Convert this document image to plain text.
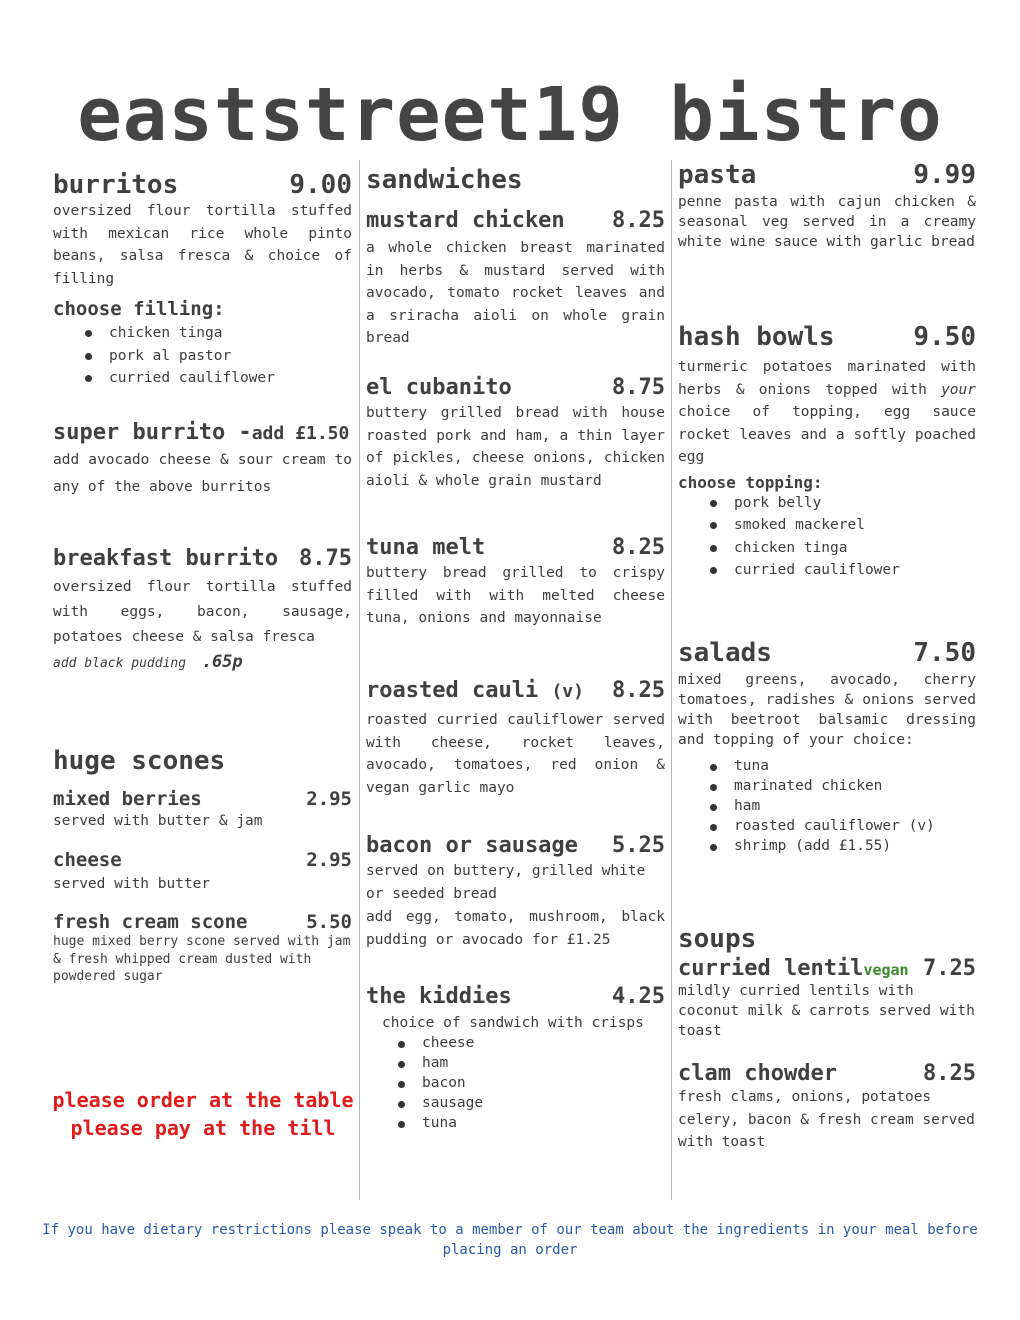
eaststreet19 bistro
burritos	9.00
oversized flour tortilla stuffed with mexican rice whole pinto beans, salsa fresca & choice of filling
choose filling:
chicken tinga
pork al pastor
curried cauliflower
super burrito - add £1.50
add avocado cheese & sour cream to any of the above burritos
breakfast burrito 8.75
oversized flour tortilla stuffed with eggs, bacon, sausage, potatoes cheese & salsa fresca
add black pudding .65p
huge scones
mixed berries	2.95
served with butter & jam
cheese	2.95
served with butter
fresh cream scone	5.50
huge mixed berry scone served with jam & fresh whipped cream dusted with powdered sugar
please order at the table
please pay at the till
sandwiches
mustard chicken 8.25
a whole chicken breast marinated in herbs & mustard served with avocado, tomato rocket leaves and a sriracha aioli on whole grain bread
el cubanito	8.75
buttery grilled bread with house roasted pork and ham, a thin layer of pickles, cheese onions, chicken aioli & whole grain mustard
tuna melt	8.25
buttery bread grilled to crispy filled with with melted cheese tuna, onions and mayonnaise
roasted cauli (v) 8.25
roasted curried cauliflower served with cheese, rocket leaves, avocado, tomatoes, red onion & vegan garlic mayo
bacon or sausage 5.25
served on buttery, grilled white or seeded bread
add egg, tomato, mushroom, black pudding or avocado for £1.25
the kiddies	4.25
choice of sandwich with crisps
cheese
ham
bacon
sausage
tuna
pasta	9.99
penne pasta with cajun chicken & seasonal veg served in a creamy white wine sauce with garlic bread
hash bowls	9.50
turmeric potatoes marinated with herbs & onions topped with your choice of topping, egg sauce rocket leaves and a softly poached egg
choose topping:
pork belly
smoked mackerel
chicken tinga
curried cauliflower
salads	7.50
mixed greens, avocado, cherry tomatoes, radishes & onions served with beetroot balsamic dressing and topping of your choice:
tuna
marinated chicken
ham
roasted cauliflower (v)
shrimp (add £1.55)
soups
curried lentilvegan 7.25
mildly curried lentils with coconut milk & carrots served with toast
clam chowder	8.25
fresh clams, onions, potatoes celery, bacon & fresh cream served with toast
If you have dietary restrictions please speak to a member of our team about the ingredients in your meal before placing an order
